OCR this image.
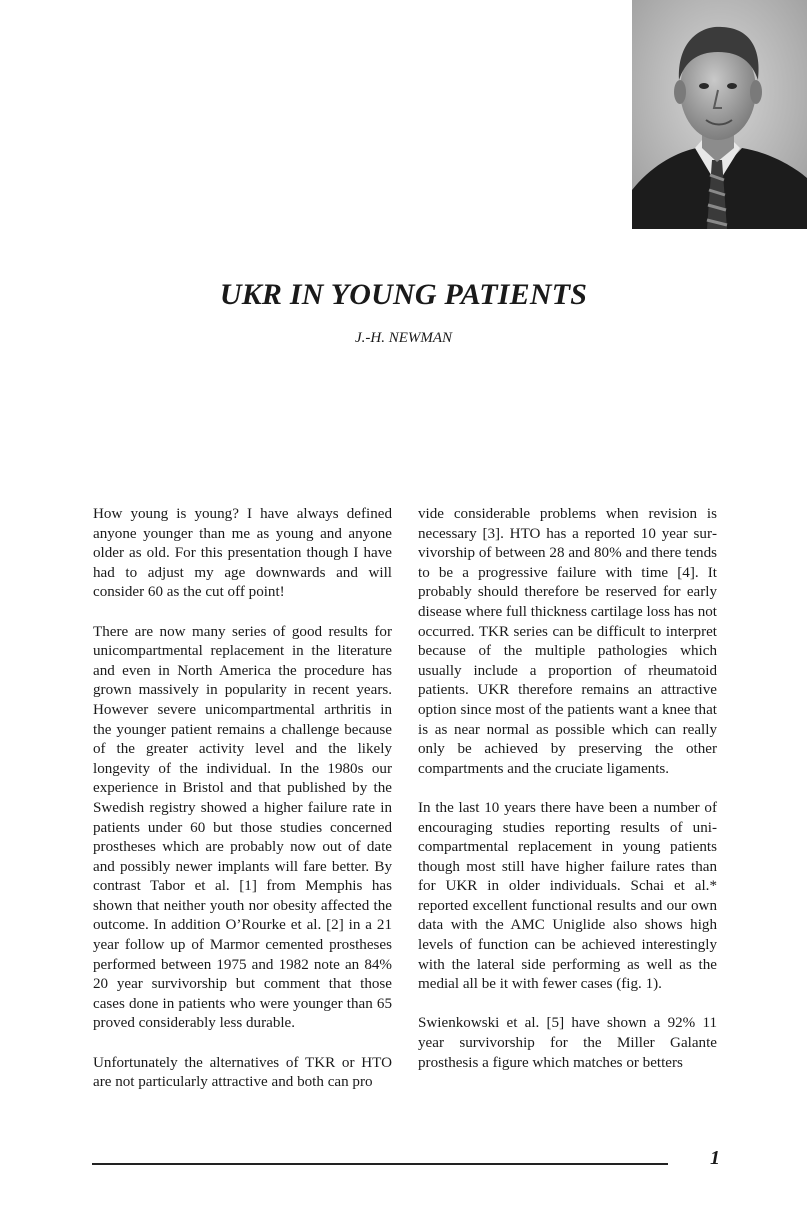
UKR IN YOUNG PATIENTS

J.-H. NEWMAN

How young is young? I have always defined anyone younger than me as young and anyone older as old. For this presentation though I have had to adjust my age downwards and will consider 60 as the cut off point!

There are now many series of good results for unicompartmental replacement in the literature and even in North America the procedure has grown massively in popularity in recent years. However severe unicompartmental arthritis in the younger patient remains a challenge because of the greater activity level and the likely longevity of the individual. In the 1980s our experience in Bristol and that published by the Swedish registry showed a higher failure rate in patients under 60 but those studies concerned prostheses which are probably now out of date and possibly newer implants will fare better. By contrast Tabor et al. [1] from Memphis has shown that neither youth nor obesity affected the outcome. In addition O’Rourke et al. [2] in a 21 year follow up of Marmor cemented prostheses performed between 1975 and 1982 note an 84% 20 year survivorship but comment that those cases done in patients who were younger than 65 proved considerably less durable.

Unfortunately the alternatives of TKR or HTO are not particularly attractive and both can pro

vide considerable problems when revision is necessary [3]. HTO has a reported 10 year survivorship of between 28 and 80% and there tends to be a progressive failure with time [4]. It probably should therefore be reserved for early disease where full thickness cartilage loss has not occurred. TKR series can be difficult to interpret because of the multiple pathologies which usually include a proportion of rheumatoid patients. UKR therefore remains an attractive option since most of the patients want a knee that is as near normal as possible which can really only be achieved by preserving the other compartments and the cruciate ligaments.

In the last 10 years there have been a number of encouraging studies reporting results of unicompartmental replacement in young patients though most still have higher failure rates than for UKR in older individuals. Schai et al.* reported excellent functional results and our own data with the AMC Uniglide also shows high levels of function can be achieved interestingly with the lateral side performing as well as the medial all be it with fewer cases (fig. 1).

Swienkowski et al. [5] have shown a 92% 11 year survivorship for the Miller Galante prosthesis a figure which matches or betters

1
